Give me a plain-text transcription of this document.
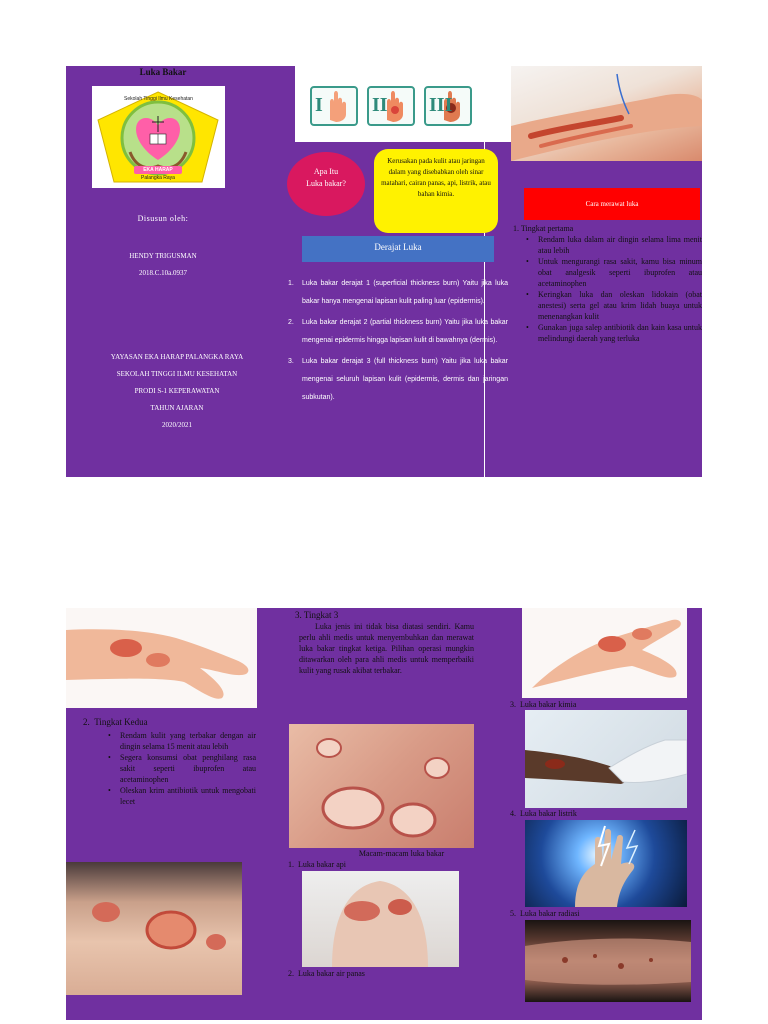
Luka Bakar
EKA HARAP
Palangka Raya
Sekolah Tinggi Ilmu Kesehatan
Disusun oleh:
HENDY TRIGUSMAN
2018.C.10a.0937
YAYASAN EKA HARAP PALANGKA RAYA
SEKOLAH TINGGI ILMU KESEHATAN
PRODI S-1 KEPERAWATAN
TAHUN AJARAN
2020/2021
I II III
Apa Itu Luka bakar?
Kerusakan pada kulit atau jaringan dalam yang disebabkan oleh sinar matahari, cairan panas, api, listrik, atau bahan kimia.
Derajat Luka
1. Luka bakar derajat 1 (superficial thickness burn) Yaitu jika luka bakar hanya mengenai lapisan kulit paling luar (epidermis).
2. Luka bakar derajat 2 (partial thickness burn) Yaitu jika luka bakar mengenai epidermis hingga lapisan kulit di bawahnya (dermis).
3. Luka bakar derajat 3 (full thickness burn) Yaitu jika luka bakar mengenai seluruh lapisan kulit (epidermis, dermis dan jaringan subkutan).
Cara merawat luka
1. Tingkat pertama
• Rendam luka dalam air dingin selama lima menit atau lebih
• Untuk mengurangi rasa sakit, kamu bisa minum obat analgesik seperti ibuprofen atau acetaminophen
• Keringkan luka dan oleskan lidokain (obat anestesi) serta gel atau krim lidah buaya untuk menenangkan kulit
• Gunakan juga salep antibiotik dan kain kasa untuk melindungi daerah yang terluka
2. Tingkat Kedua
• Rendam kulit yang terbakar dengan air dingin selama 15 menit atau lebih
• Segera konsumsi obat penghilang rasa sakit seperti ibuprofen atau acetaminophen
• Oleskan krim antibiotik untuk mengobati lecet
3. Tingkat 3
Luka jenis ini tidak bisa diatasi sendiri. Kamu perlu ahli medis untuk menyembuhkan dan merawat luka bakar tingkat ketiga. Pilihan operasi mungkin ditawarkan oleh para ahli medis untuk memperbaiki kulit yang rusak akibat terbakar.
Macam-macam luka bakar
1. Luka bakar api
2. Luka bakar air panas
3. Luka bakar kimia
4. Luka bakar listrik
5. Luka bakar radiasi
